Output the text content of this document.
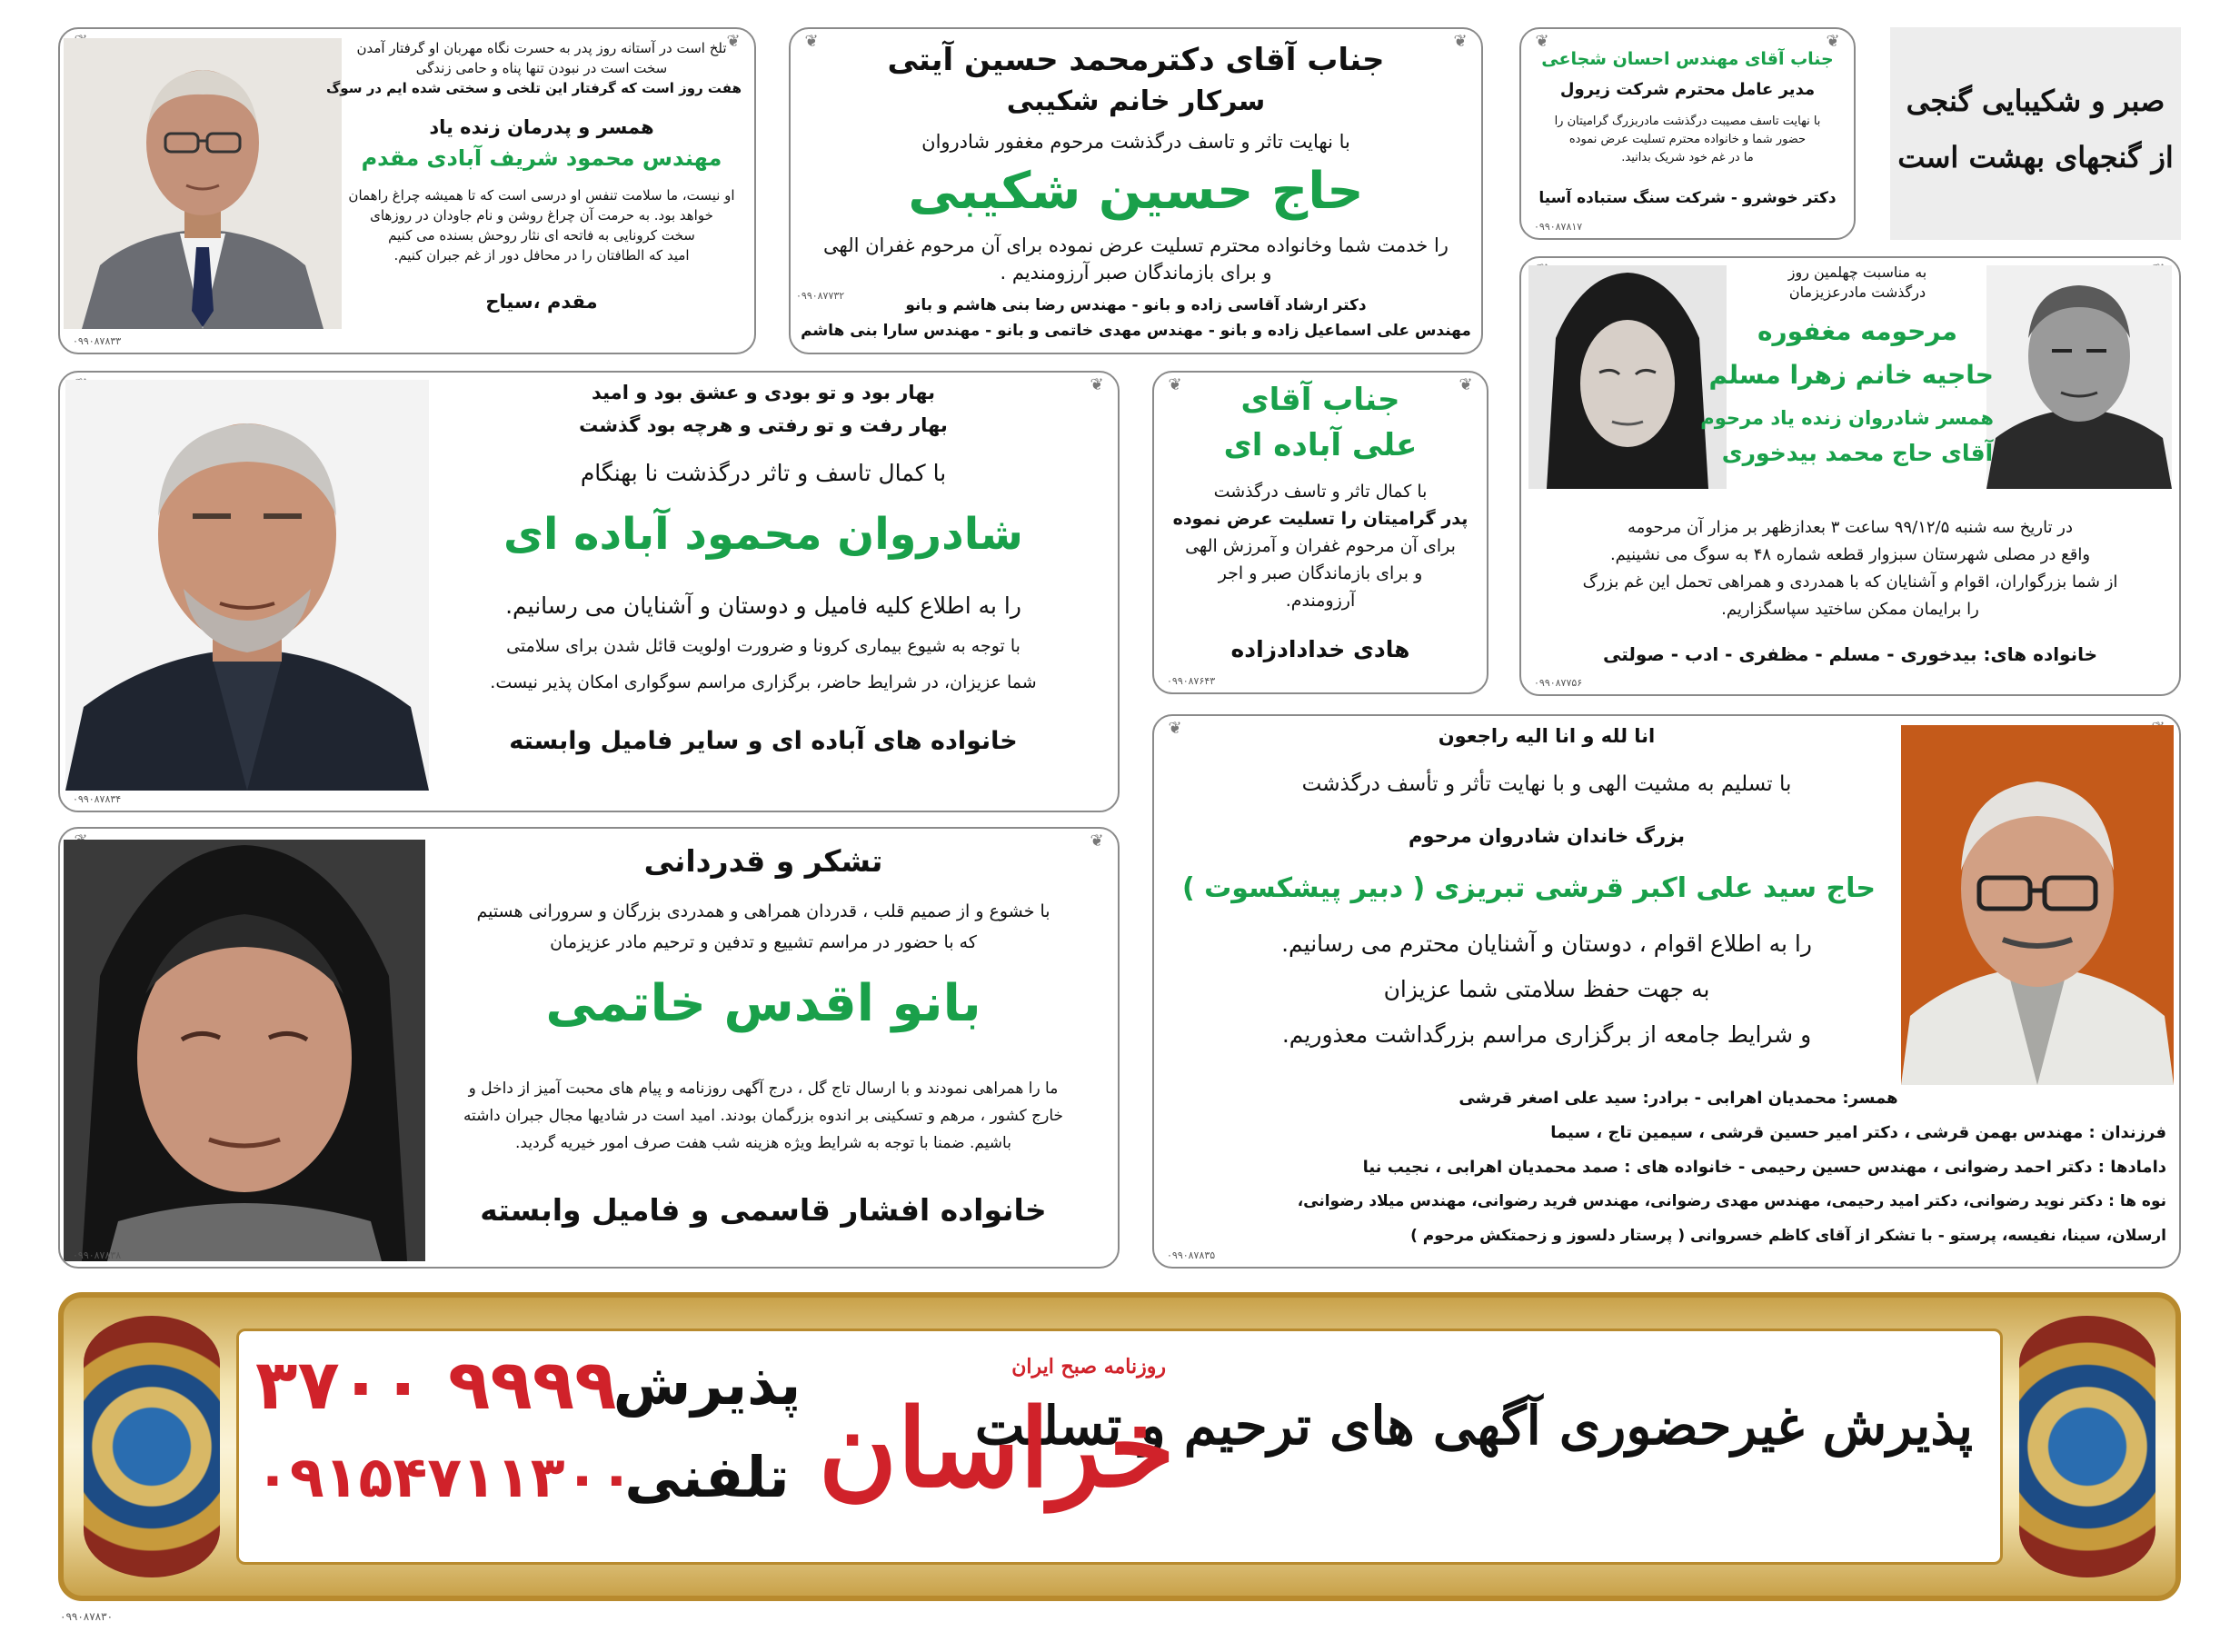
❦

تلخ است در آستانه روز پدر به حسرت نگاه مهربان او گرفتار آمدن

سخت است در نبودن تنها پناه و حامی زندگی

هفت روز است که گرفتار این تلخی و سختی شده ایم در سوگ

همسر و پدرمان زنده یاد

مهندس محمود شریف آبادی مقدم

او نیست، ما سلامت تنفس او درسی است که تا همیشه چراغ راهمان

خواهد بود. به حرمت آن چراغ روشن و نام جاودان در روزهای

سخت کرونایی به فاتحه ای نثار روحش بسنده می کنیم

امید که الطافتان را در محافل دور از غم جبران کنیم.

مقدم ،سیاح

۰۹۹۰۸۷۸۳۳
❦	❦

جناب آقای دکترمحمد حسین آیتی

سرکار خانم شکیبی

با نهایت تاثر و تاسف درگذشت مرحوم مغفور شادروان

حاج حسین شکیبی

را خدمت شما وخانواده محترم تسلیت عرض نموده برای آن مرحوم غفران الهی

و برای بازماندگان صبر آرزومندیم .

دکتر ارشاد آقاسی زاده و بانو - مهندس رضا بنی هاشم و بانو

مهندس علی اسماعیل زاده و بانو - مهندس مهدی خاتمی و بانو - مهندس سارا بنی هاشم

۰۹۹۰۸۷۷۳۲
❦	❦

جناب آقای مهندس احسان شجاعی

مدیر عامل محترم شرکت زیرول

با نهایت تاسف مصیبت درگذشت مادربزرگ گرامیتان را

حضور شما و خانواده محترم تسلیت عرض نموده

ما در غم خود شریک بدانید.

دکتر خوشرو - شرکت سنگ ستباده آسیا

۰۹۹۰۸۷۸۱۷

صبر و شکیبایی گنجی

از گنجهای بهشت است

به مناسبت چهلمین روز

درگذشت مادرعزیزمان

مرحومه مغفوره

حاجیه خانم زهرا مسلم

همسر شادروان زنده یاد مرحوم

آقای حاج محمد بیدخوری

در تاریخ سه شنبه ۹۹/۱۲/۵ ساعت ۳ بعدازظهر بر مزار آن مرحومه

واقع در مصلی شهرستان سبزوار قطعه شماره ۴۸ به سوگ می نشینیم.

از شما بزرگواران، اقوام و آشنایان که با همدردی و همراهی تحمل این غم بزرگ

را برایمان ممکن ساختید سپاسگزاریم.

خانواده های: بیدخوری - مسلم - مظفری - ادب - صولتی

۰۹۹۰۸۷۷۵۶
❦

بهار بود و تو بودی و عشق بود و امید

بهار رفت و تو رفتی و هرچه بود گذشت

با کمال تاسف و تاثر درگذشت نا بهنگام

شادروان محمود آباده ای

را به اطلاع کلیه فامیل و دوستان و آشنایان می رسانیم.

با توجه به شیوع بیماری کرونا و ضرورت اولویت قائل شدن برای سلامتی

شما عزیزان، در شرایط حاضر، برگزاری مراسم سوگواری امکان پذیر نیست.

خانواده های آباده ای و سایر فامیل وابسته

۰۹۹۰۸۷۸۳۴
❦	❦

جناب آقای

علی آباده ای

با کمال تاثر و تاسف درگذشت

پدر گرامیتان را تسلیت عرض نموده

برای آن مرحوم غفران و آمرزش الهی

و برای بازماندگان صبر و اجر

آرزومندم.

هادی خدادادزاده

۰۹۹۰۸۷۶۴۳
❦

تشکر و قدردانی

با خشوع و از صمیم قلب ، قدردان همراهی و همدردی بزرگان و سرورانی هستیم

که با حضور در مراسم تشییع و تدفین و ترحیم مادر عزیزمان

بانو اقدس خاتمی

ما را همراهی نمودند و با ارسال تاج گل ، درج آگهی روزنامه و پیام های محبت آمیز از داخل و

خارج کشور ، مرهم و تسکینی بر اندوه بزرگمان بودند. امید است در شادیها مجال جبران داشته

باشیم. ضمنا با توجه به شرایط ویژه هزینه شب هفت صرف امور خیریه گردید.

خانواده افشار قاسمی و فامیل وابسته

۰۹۹۰۸۷۸۳۸
❦	انا لله و انا الیه راجعون

با تسلیم به مشیت الهی و با نهایت تأثر و تأسف درگذشت

بزرگ خاندان شادروان مرحوم

حاج سید علی اکبر قرشی تبریزی ( دبیر پیشکسوت )

را به اطلاع اقوام ، دوستان و آشنایان محترم می رسانیم.

به جهت حفظ سلامتی شما عزیزان

و شرایط جامعه از برگزاری مراسم بزرگداشت معذوریم.

همسر: محمدیان اهرابی - برادر: سید علی اصغر قرشی

فرزندان : مهندس بهمن قرشی ، دکتر امیر حسین قرشی ، سیمین تاج ، سیما

دامادها : دکتر احمد رضوانی ، مهندس حسین رحیمی - خانواده های : صمد محمدیان اهرابی ، نجیب نیا

نوه ها : دکتر نوید رضوانی، دکتر امید رحیمی، مهندس مهدی رضوانی، مهندس فرید رضوانی، مهندس میلاد رضوانی،

ارسلان، سینا، نفیسه، پرستو - با تشکر از آقای کاظم خسروانی ( پرستار دلسوز و زحمتکش مرحوم )

۰۹۹۰۸۷۸۳۵
پذیرش غیرحضوری آگهی های ترحیم و تسلیت
روزنامه صبح ایران
خراسان
پذیرش
تلفنی
۳۷۰۰ ۹۹۹۹
۰۹۱۵۴۷۱۱۳۰۰
۰۹۹۰۸۷۸۳۰
